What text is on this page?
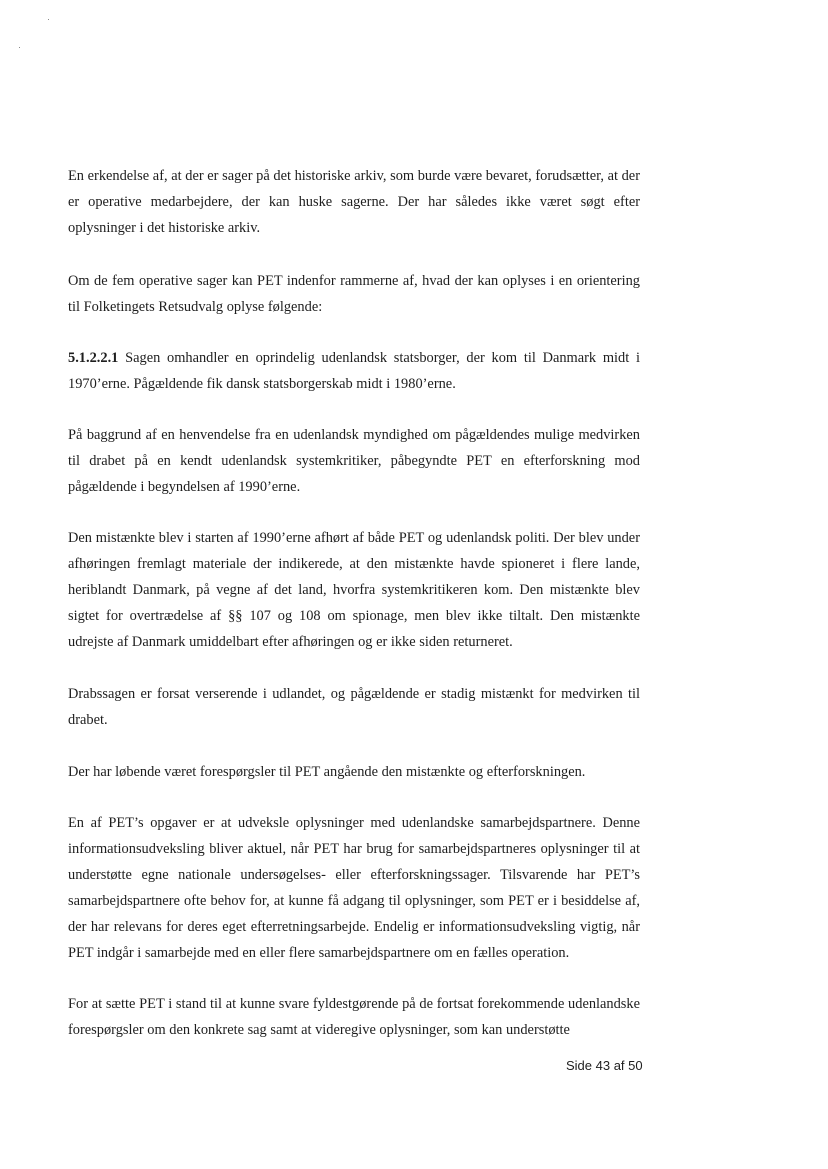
En erkendelse af, at der er sager på det historiske arkiv, som burde være bevaret, forudsætter, at der er operative medarbejdere, der kan huske sagerne. Der har således ikke været søgt efter oplysninger i det historiske arkiv.

Om de fem operative sager kan PET indenfor rammerne af, hvad der kan oplyses i en orientering til Folketingets Retsudvalg oplyse følgende:

5.1.2.2.1 Sagen omhandler en oprindelig udenlandsk statsborger, der kom til Danmark midt i 1970’erne. Pågældende fik dansk statsborgerskab midt i 1980’erne.

På baggrund af en henvendelse fra en udenlandsk myndighed om pågældendes mulige medvirken til drabet på en kendt udenlandsk systemkritiker, påbegyndte PET en efterforskning mod pågældende i begyndelsen af 1990’erne.

Den mistænkte blev i starten af 1990’erne afhørt af både PET og udenlandsk politi. Der blev under afhøringen fremlagt materiale der indikerede, at den mistænkte havde spioneret i flere lande, heriblandt Danmark, på vegne af det land, hvorfra systemkritikeren kom. Den mistænkte blev sigtet for overtrædelse af §§ 107 og 108 om spionage, men blev ikke tiltalt. Den mistænkte udrejste af Danmark umiddelbart efter afhøringen og er ikke siden returneret.

Drabssagen er forsat verserende i udlandet, og pågældende er stadig mistænkt for medvirken til drabet.

Der har løbende været forespørgsler til PET angående den mistænkte og efterforskningen.

En af PET’s opgaver er at udveksle oplysninger med udenlandske samarbejdspartnere. Denne informationsudveksling bliver aktuel, når PET har brug for samarbejdspartneres oplysninger til at understøtte egne nationale undersøgelses- eller efterforskningssager. Tilsvarende har PET’s samarbejdspartnere ofte behov for, at kunne få adgang til oplysninger, som PET er i besiddelse af, der har relevans for deres eget efterretningsarbejde. Endelig er informationsudveksling vigtig, når PET indgår i samarbejde med en eller flere samarbejdspartnere om en fælles operation.

For at sætte PET i stand til at kunne svare fyldestgørende på de fortsat forekommende udenlandske forespørgsler om den konkrete sag samt at videregive oplysninger, som kan understøtte

Side 43 af 50
